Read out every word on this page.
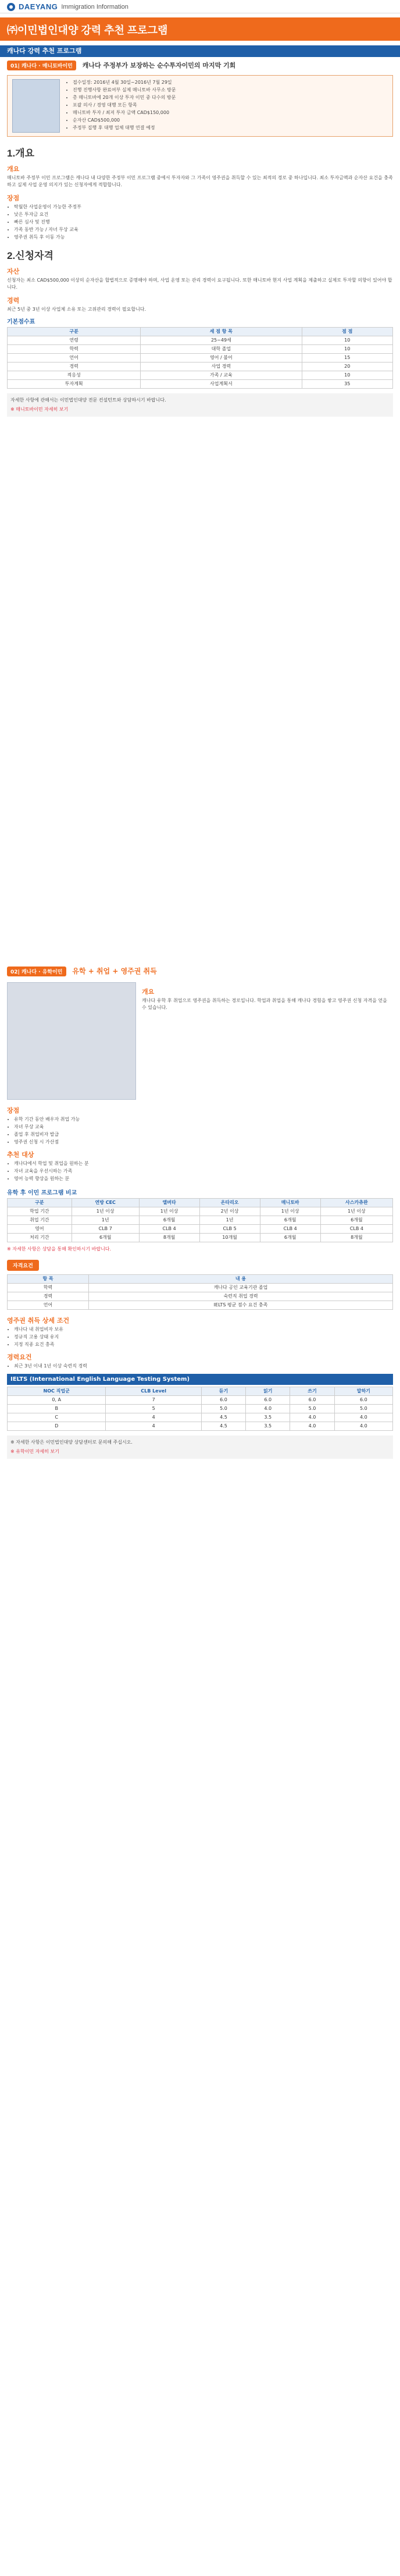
DAEYANG Immigration Information
㈜이민법인대양 강력 추천 프로그램
캐나다 강력 추천 프로그램
01| 캐나다 · 매니토바이민 캐나다 주정부가 보장하는 순수투자이민의 마지막 기회
• 접수일정: 2016년 4월 30일~2016년 7월 29일
• 진행 진행사항 완료여부 실제 매니토바 사무소 방문
• 총 매니토바에 20개 이상 투자 이민 중 다수의 방문
• 포괄 의사 / 경영 대행 모든 항목
• 매니토바 투자 / 최저 투자 금액 CAD$150,000
• 순자산 CAD$500,000
• 주정부 집행 후 대행 업체 대행 연결 예정
1.개요
개요

매니토바 주정부 이민 프로그램은 캐나다 내 다양한 주정부 이민 프로그램 중에서 투자자와 그 가족이 영주권을 취득할 수 있는 최적의 경로 중 하나입니다. 최소 투자금액과 순자산 요건을 충족하고 실제 사업 운영 의지가 있는 신청자에게 적합합니다.

장점
• 탁월한 사업운영이 가능한 주정부
• 낮은 투자금 요건
• 빠른 심사 및 진행
• 가족 동반 가능 / 자녀 무상 교육
• 영주권 취득 후 이동 가능
2.신청자격
자산

신청자는 최소 CAD$500,000 이상의 순자산을 합법적으로 증명해야 하며, 사업 운영 또는 관리 경력이 요구됩니다. 또한 매니토바 현지 사업 계획을 제출하고 실제로 투자할 의향이 있어야 합니다.

경력

최근 5년 중 3년 이상 사업체 소유 또는 고위관리 경력이 필요합니다.

기본점수표
구분	세 점 항 목	점 점
연령	25~49세	10
학력	대학 졸업	10
언어	영어 / 불어	15
경력	사업 경력	20
적응성	가족 / 교육	10
투자계획	사업계획서	35

자세한 사항에 관해서는 이민법인대양 전문 컨설턴트와 상담하시기 바랍니다.

※ 매니토바이민 자세히 보기

02| 캐나다 · 유학이민 유학 + 취업 + 영주권 취득
개요

캐나다 유학 후 취업으로 영주권을 취득하는 경로입니다. 학업과 취업을 통해 캐나다 경험을 쌓고 영주권 신청 자격을 얻을 수 있습니다.

장점
• 유학 기간 동안 배우자 취업 가능
• 자녀 무상 교육
• 졸업 후 취업비자 발급
• 영주권 신청 시 가산점
추천 대상
• 캐나다에서 학업 및 취업을 원하는 분
• 자녀 교육을 우선시하는 가족
• 영어 능력 향상을 원하는 분
유학 후 이민 프로그램 비교
구분	연방 CEC	앨버타	온타리오	매니토바	사스카츄완
학업 기간	1년 이상	1년 이상	2년 이상	1년 이상	1년 이상
취업 기간	1년	6개월	1년	6개월	6개월
영어	CLB 7	CLB 4	CLB 5	CLB 4	CLB 4
처리 기간	6개월	8개월	10개월	6개월	8개월

※ 자세한 사항은 상담을 통해 확인하시기 바랍니다.

자격요건
항 목	내 용
학력	캐나다 공인 교육기관 졸업
경력	숙련직 취업 경력
언어	IELTS 평균 점수 요건 충족
영주권 취득 상세 조건
• 캐나다 내 취업비자 보유
• 정규직 고용 상태 유지
• 지정 직종 요건 충족
경력요건
• 최근 3년 이내 1년 이상 숙련직 경력
IELTS (International English Language Testing System)
NOC 직업군	CLB Level	듣기	읽기	쓰기	말하기
0, A	7	6.0	6.0	6.0	6.0
B	5	5.0	4.0	5.0	5.0
C	4	4.5	3.5	4.0	4.0
D	4	4.5	3.5	4.0	4.0

※ 자세한 사항은 이민법인대양 상담센터로 문의해 주십시오.

※ 유학이민 자세히 보기
